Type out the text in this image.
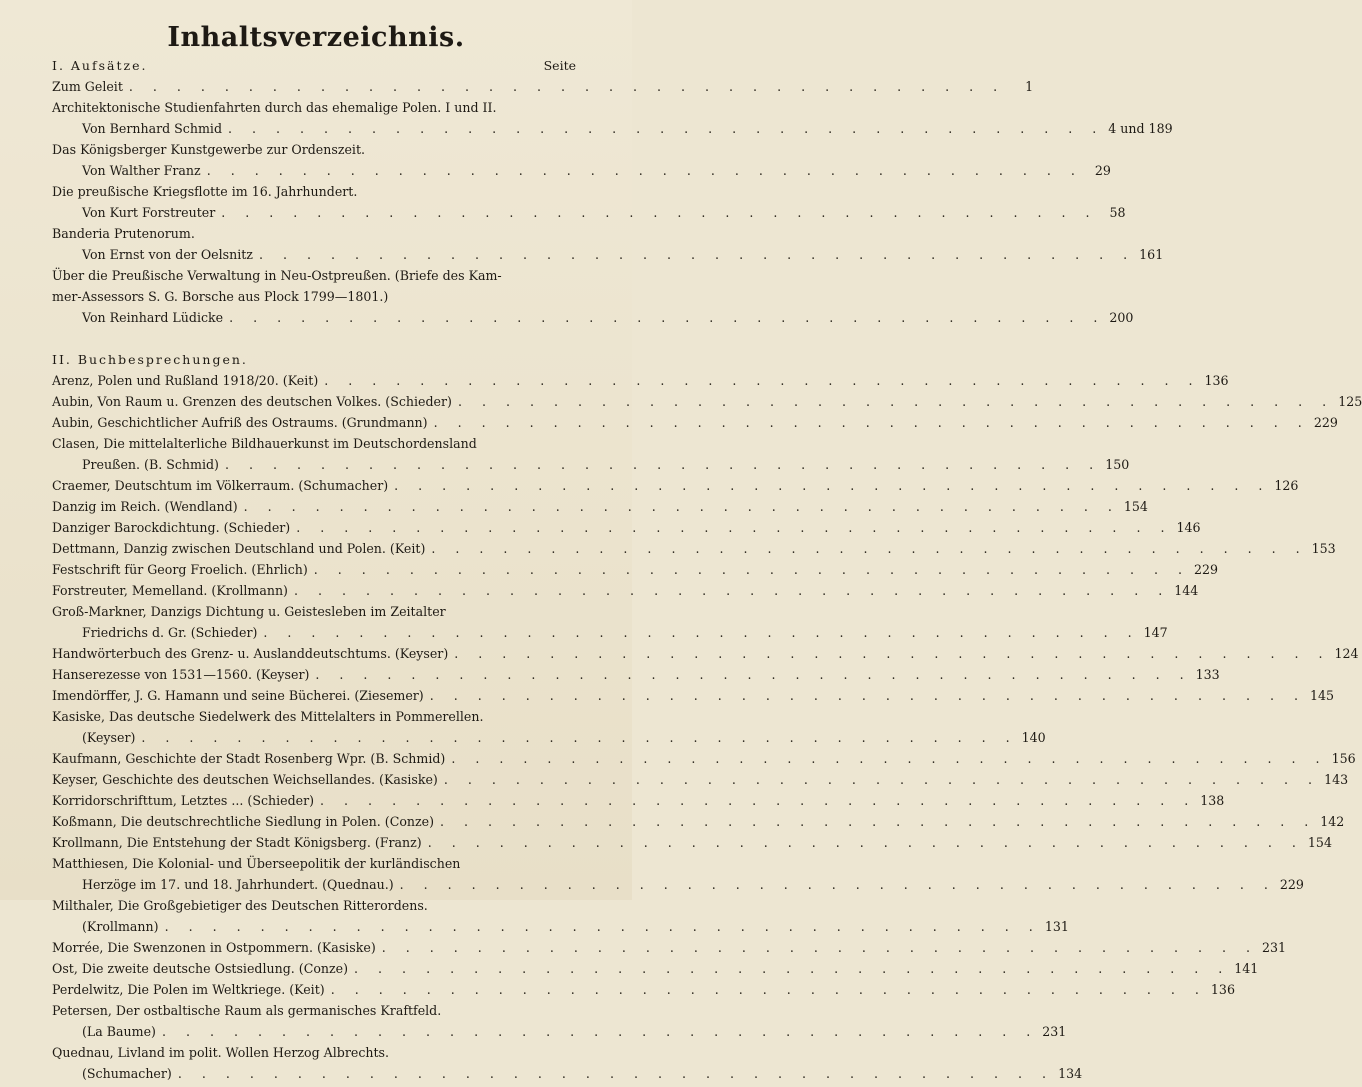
Inhaltsverzeichnis.
I. Aufsätze.	Seite
Zum Geleit . . . . . . . . . . . . . . . . . . . . . . . . . . . . . . . . . . . . .	1
Architektonische Studienfahrten durch das ehemalige Polen. I und II.
Von Bernhard Schmid . . . . . . . . . . . . . . . . . . . . . . . . . . . . . . . . . . . . . 4 und 189
Das Königsberger Kunstgewerbe zur Ordenszeit.
Von Walther Franz . . . . . . . . . . . . . . . . . . . . . . . . . . . . . . . . . . . . . 29
Die preußische Kriegsflotte im 16. Jahrhundert.
Von Kurt Forstreuter . . . . . . . . . . . . . . . . . . . . . . . . . . . . . . . . . . . . . 58
Banderia Prutenorum.
Von Ernst von der Oelsnitz . . . . . . . . . . . . . . . . . . . . . . . . . . . . . . . . . . . . . 161
Über die Preußische Verwaltung in Neu-Ostpreußen. (Briefe des Kam-
mer-Assessors S. G. Borsche aus Plock 1799—1801.)
Von Reinhard Lüdicke . . . . . . . . . . . . . . . . . . . . . . . . . . . . . . . . . . . . . 200
II. Buchbesprechungen.
Arenz, Polen und Rußland 1918/20. (Keit) . . . . . . . . . . . . . . . . . . . . . . . . . . . . . . . . . . . . . 136
Aubin, Von Raum u. Grenzen des deutschen Volkes. (Schieder) . . . . . . . . . . . . . . . . . . . . . . . . . . . . . . . . . . . . . 125
Aubin, Geschichtlicher Aufriß des Ostraums. (Grundmann) . . . . . . . . . . . . . . . . . . . . . . . . . . . . . . . . . . . . . 229
Clasen, Die mittelalterliche Bildhauerkunst im Deutschordensland
Preußen. (B. Schmid) . . . . . . . . . . . . . . . . . . . . . . . . . . . . . . . . . . . . . 150
Craemer, Deutschtum im Völkerraum. (Schumacher) . . . . . . . . . . . . . . . . . . . . . . . . . . . . . . . . . . . . . 126
Danzig im Reich. (Wendland) . . . . . . . . . . . . . . . . . . . . . . . . . . . . . . . . . . . . . 154
Danziger Barockdichtung. (Schieder) . . . . . . . . . . . . . . . . . . . . . . . . . . . . . . . . . . . . . 146
Dettmann, Danzig zwischen Deutschland und Polen. (Keit) . . . . . . . . . . . . . . . . . . . . . . . . . . . . . . . . . . . . . 153
Festschrift für Georg Froelich. (Ehrlich) . . . . . . . . . . . . . . . . . . . . . . . . . . . . . . . . . . . . . 229
Forstreuter, Memelland. (Krollmann) . . . . . . . . . . . . . . . . . . . . . . . . . . . . . . . . . . . . . 144
Groß-Markner, Danzigs Dichtung u. Geistesleben im Zeitalter
Friedrichs d. Gr. (Schieder) . . . . . . . . . . . . . . . . . . . . . . . . . . . . . . . . . . . . . 147
Handwörterbuch des Grenz- u. Auslanddeutschtums. (Keyser) . . . . . . . . . . . . . . . . . . . . . . . . . . . . . . . . . . . . . 124
Hanserezesse von 1531—1560. (Keyser) . . . . . . . . . . . . . . . . . . . . . . . . . . . . . . . . . . . . . 133
Imendörffer, J. G. Hamann und seine Bücherei. (Ziesemer) . . . . . . . . . . . . . . . . . . . . . . . . . . . . . . . . . . . . . 145
Kasiske, Das deutsche Siedelwerk des Mittelalters in Pommerellen.
(Keyser) . . . . . . . . . . . . . . . . . . . . . . . . . . . . . . . . . . . . . 140
Kaufmann, Geschichte der Stadt Rosenberg Wpr. (B. Schmid) . . . . . . . . . . . . . . . . . . . . . . . . . . . . . . . . . . . . . 156
Keyser, Geschichte des deutschen Weichsellandes. (Kasiske) . . . . . . . . . . . . . . . . . . . . . . . . . . . . . . . . . . . . . 143
Korridorschrifttum, Letztes ... (Schieder) . . . . . . . . . . . . . . . . . . . . . . . . . . . . . . . . . . . . . 138
Koßmann, Die deutschrechtliche Siedlung in Polen. (Conze) . . . . . . . . . . . . . . . . . . . . . . . . . . . . . . . . . . . . . 142
Krollmann, Die Entstehung der Stadt Königsberg. (Franz) . . . . . . . . . . . . . . . . . . . . . . . . . . . . . . . . . . . . . 154
Matthiesen, Die Kolonial- und Überseepolitik der kurländischen
Herzöge im 17. und 18. Jahrhundert. (Quednau.) . . . . . . . . . . . . . . . . . . . . . . . . . . . . . . . . . . . . . 229
Milthaler, Die Großgebietiger des Deutschen Ritterordens.
(Krollmann) . . . . . . . . . . . . . . . . . . . . . . . . . . . . . . . . . . . . . 131
Morrée, Die Swenzonen in Ostpommern. (Kasiske) . . . . . . . . . . . . . . . . . . . . . . . . . . . . . . . . . . . . . 231
Ost, Die zweite deutsche Ostsiedlung. (Conze) . . . . . . . . . . . . . . . . . . . . . . . . . . . . . . . . . . . . . 141
Perdelwitz, Die Polen im Weltkriege. (Keit) . . . . . . . . . . . . . . . . . . . . . . . . . . . . . . . . . . . . . 136
Petersen, Der ostbaltische Raum als germanisches Kraftfeld.
(La Baume) . . . . . . . . . . . . . . . . . . . . . . . . . . . . . . . . . . . . . 231
Quednau, Livland im polit. Wollen Herzog Albrechts.
(Schumacher) . . . . . . . . . . . . . . . . . . . . . . . . . . . . . . . . . . . . . 134
